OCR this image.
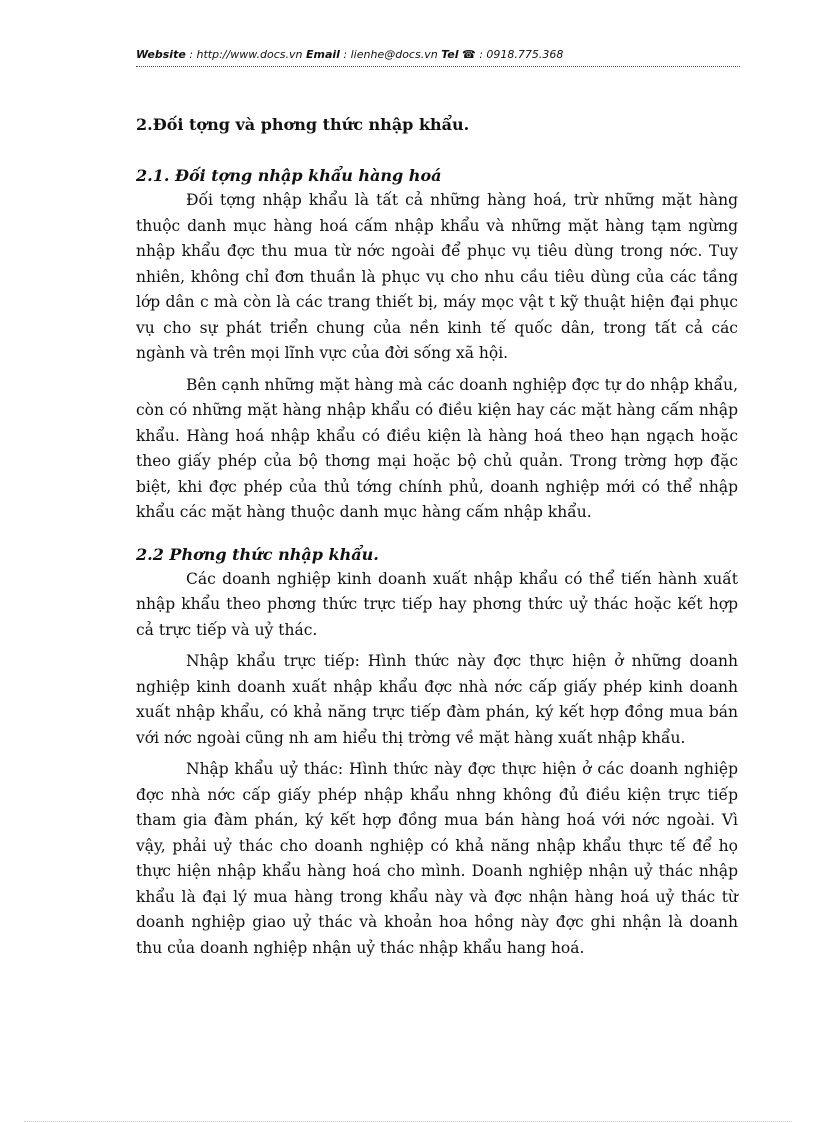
Website : http://www.docs.vn Email : lienhe@docs.vn Tel ☎ : 0918.775.368
2.Đối tợng và phơng thức nhập khẩu.
2.1. Đối tợng nhập khẩu hàng hoá

Đối tợng nhập khẩu là tất cả những hàng hoá, trừ những mặt hàng thuộc danh mục hàng hoá cấm nhập khẩu và những mặt hàng tạm ngừng nhập khẩu đợc thu mua từ nớc ngoài để phục vụ tiêu dùng trong nớc. Tuy nhiên, không chỉ đơn thuần là phục vụ cho nhu cầu tiêu dùng của các tầng lớp dân c mà còn là các trang thiết bị, máy mọc vật t kỹ thuật hiện đại phục vụ cho sự phát triển chung của nền kinh tế quốc dân, trong tất cả các ngành và trên mọi lĩnh vực của đời sống xã hội.

Bên cạnh những mặt hàng mà các doanh nghiệp đợc tự do nhập khẩu, còn có những mặt hàng nhập khẩu có điều kiện hay các mặt hàng cấm nhập khẩu. Hàng hoá nhập khẩu có điều kiện là hàng hoá theo hạn ngạch hoặc theo giấy phép của bộ thơng mại hoặc bộ chủ quản. Trong trờng hợp đặc biệt, khi đợc phép của thủ tớng chính phủ, doanh nghiệp mới có thể nhập khẩu các mặt hàng thuộc danh mục hàng cấm nhập khẩu.

2.2 Phơng thức nhập khẩu.

Các doanh nghiệp kinh doanh xuất nhập khẩu có thể tiến hành xuất nhập khẩu theo phơng thức trực tiếp hay phơng thức uỷ thác hoặc kết hợp cả trực tiếp và uỷ thác.

Nhập khẩu trực tiếp: Hình thức này đợc thực hiện ở những doanh nghiệp kinh doanh xuất nhập khẩu đợc nhà nớc cấp giấy phép kinh doanh xuất nhập khẩu, có khả năng trực tiếp đàm phán, ký kết hợp đồng mua bán với nớc ngoài cũng nh am hiểu thị trờng về mặt hàng xuất nhập khẩu.

Nhập khẩu uỷ thác: Hình thức này đợc thực hiện ở các doanh nghiệp đợc nhà nớc cấp giấy phép nhập khẩu nhng không đủ điều kiện trực tiếp tham gia đàm phán, ký kết hợp đồng mua bán hàng hoá với nớc ngoài. Vì vậy, phải uỷ thác cho doanh nghiệp có khả năng nhập khẩu thực tế để họ thực hiện nhập khẩu hàng hoá cho mình. Doanh nghiệp nhận uỷ thác nhập khẩu là đại lý mua hàng trong khẩu này và đợc nhận hàng hoá uỷ thác từ doanh nghiệp giao uỷ thác và khoản hoa hồng này đợc ghi nhận là doanh thu của doanh nghiệp nhận uỷ thác nhập khẩu hang hoá.
